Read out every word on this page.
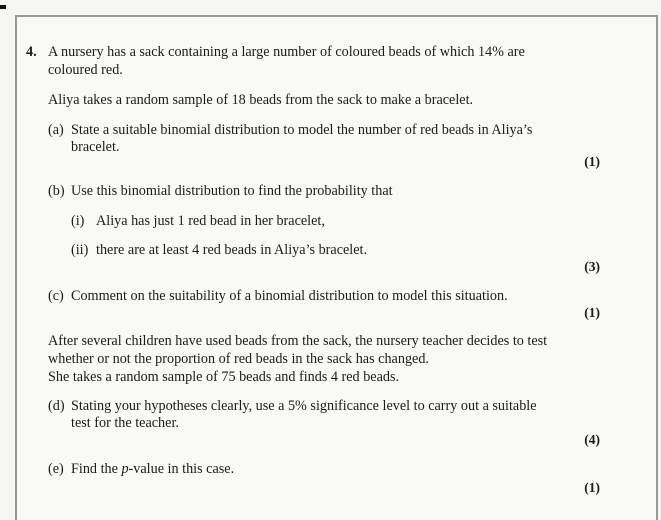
4. A nursery has a sack containing a large number of coloured beads of which 14% are

coloured red.

Aliya takes a random sample of 18 beads from the sack to make a bracelet.

(a) State a suitable binomial distribution to model the number of red beads in Aliya’s

bracelet.

(1)
(b) Use this binomial distribution to find the probability that

(i) Aliya has just 1 red bead in her bracelet,

(ii) there are at least 4 red beads in Aliya’s bracelet.

(3)
(c) Comment on the suitability of a binomial distribution to model this situation.

(1)

After several children have used beads from the sack, the nursery teacher decides to test

whether or not the proportion of red beads in the sack has changed.

She takes a random sample of 75 beads and finds 4 red beads.

(d) Stating your hypotheses clearly, use a 5% significance level to carry out a suitable

test for the teacher.

(4)
(e) Find the p-value in this case.

(1)
